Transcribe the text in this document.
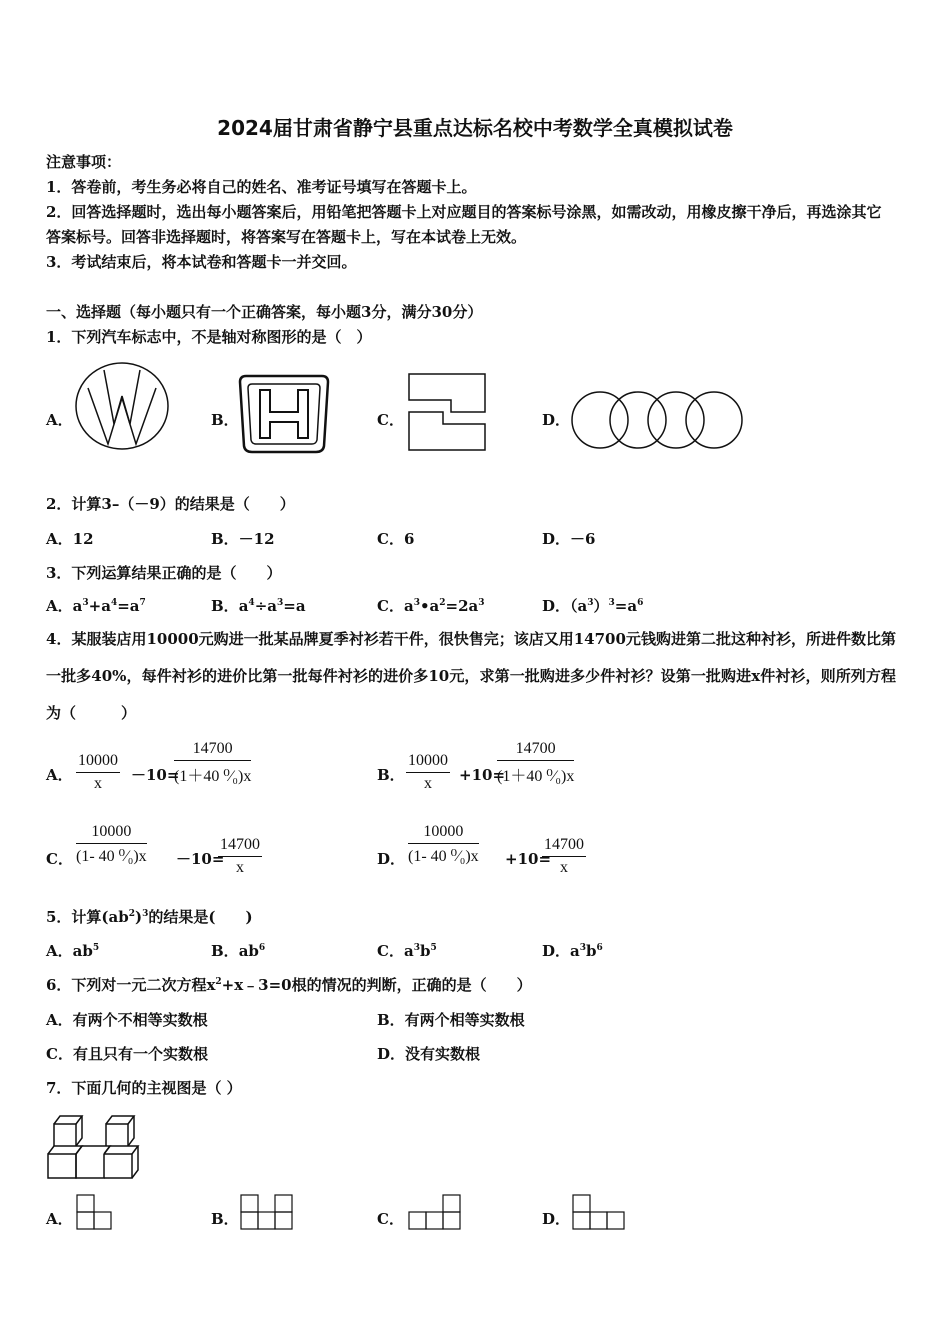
2024届甘肃省静宁县重点达标名校中考数学全真模拟试卷
注意事项：
1．答卷前，考生务必将自己的姓名、准考证号填写在答题卡上。
2．回答选择题时，选出每小题答案后，用铅笔把答题卡上对应题目的答案标号涂黑，如需改动，用橡皮擦干净后，再选涂其它答案标号。回答非选择题时，将答案写在答题卡上，写在本试卷上无效。
3．考试结束后，将本试卷和答题卡一并交回。
一、选择题（每小题只有一个正确答案，每小题3分，满分30分）
1．下列汽车标志中，不是轴对称图形的是（　）
A．	B．	C．	D．
2．计算3–（－9）的结果是（　　）
A．12	B．－12	C．6	D．－6
3．下列运算结果正确的是（　　）
A．$a^3+a^4=a^7$	B．$a^4\div a^3=a$	C．$a^3•a^2=2a^3$	D．$(a^3)^3=a^6$
4．某服装店用10000元购进一批某品牌夏季衬衫若干件，很快售完；该店又用14700元钱购进第二批这种衬衫，所进件数比第一批多40%，每件衬衫的进价比第一批每件衬衫的进价多10元，求第一批购进多少件衬衫？设第一批购进x件衬衫，则所列方程为（　　　）
A． $\frac{10000}{x} -10=$
$\frac{14700}{\text{(1＋40 ⁰⁄₀)x}}$	B． $\frac{10000}{x} +10=$
$\frac{14700}{\text{(1＋40 ⁰⁄₀)x}}$
C． $\frac{10000}{\text{(1- 40 ⁰⁄₀)x}} -10=$
$\frac{14700}{x}$	D． $\frac{10000}{\text{(1- 40 ⁰⁄₀)x}} +10=$
$\frac{14700}{x}$
5．计算$(ab^2)^3$的结果是(　　)
A．$ab^5$	B．$ab^6$	C．$a^3b^5$	D．$a^3b^6$
6．下列对一元二次方程$x^2+x﹣3=0$根的情况的判断，正确的是（　　）
A．有两个不相等实数根	B．有两个相等实数根
C．有且只有一个实数根	D．没有实数根
7．下面几何的主视图是（ ）
A．	B．	C．	D．
